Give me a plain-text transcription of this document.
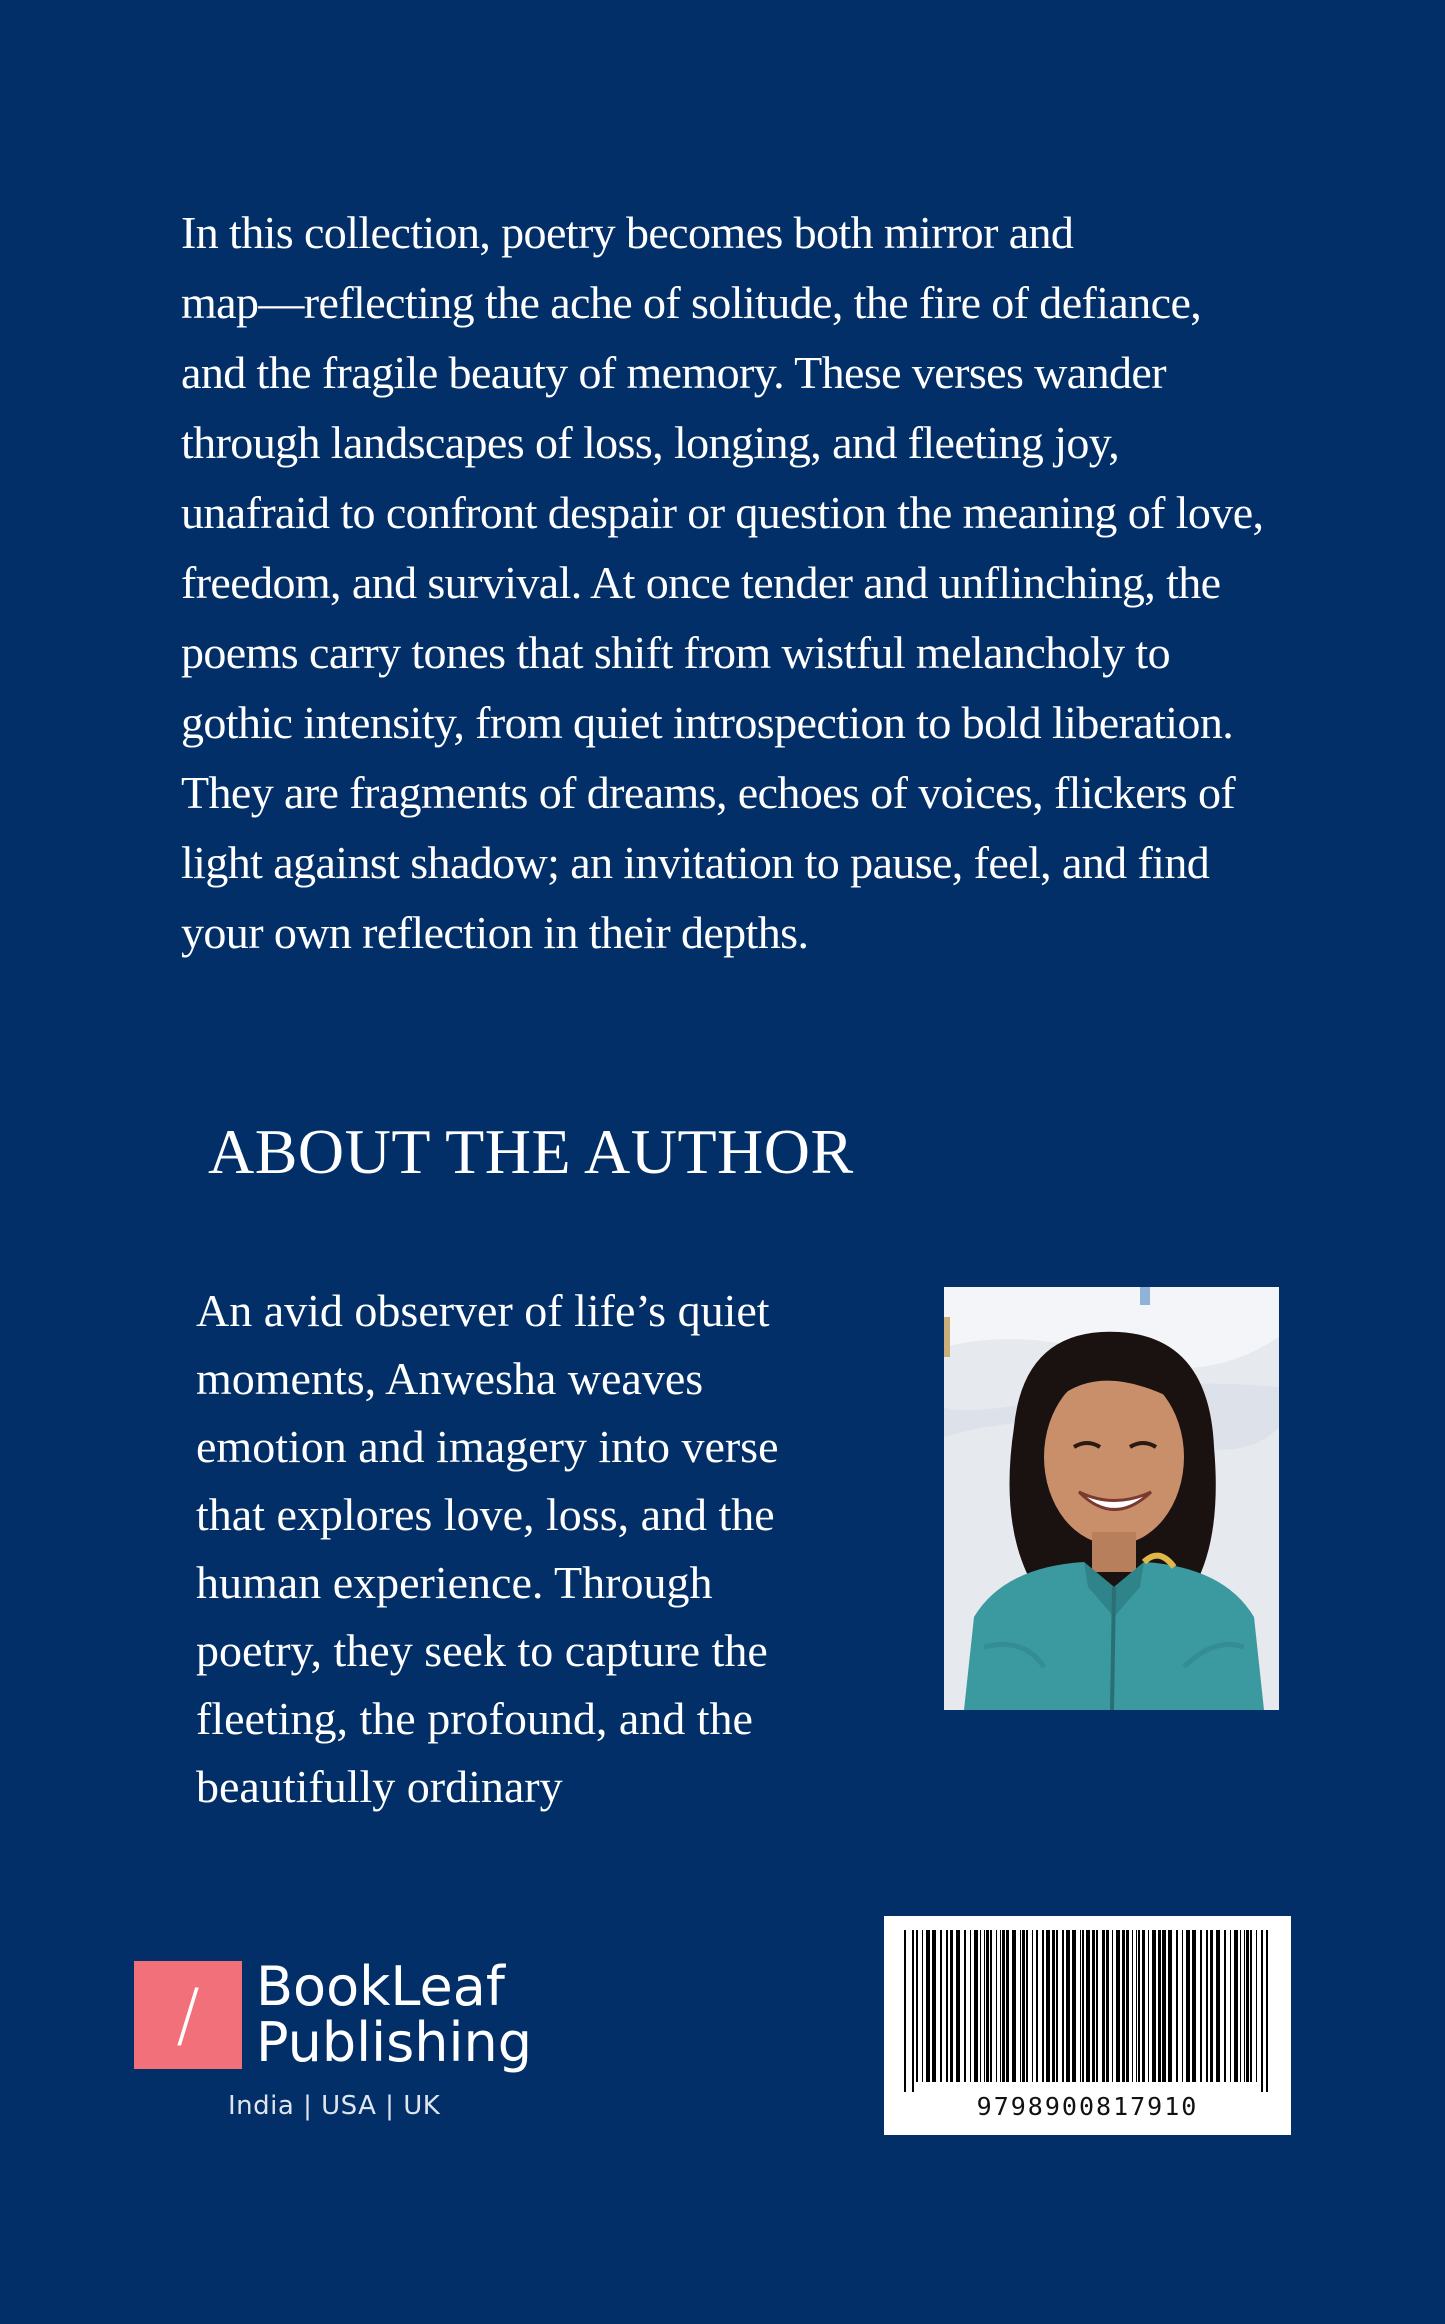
In this collection, poetry becomes both mirror and
map—reflecting the ache of solitude, the fire of defiance,
and the fragile beauty of memory. These verses wander
through landscapes of loss, longing, and fleeting joy,
unafraid to confront despair or question the meaning of love,
freedom, and survival. At once tender and unflinching, the
poems carry tones that shift from wistful melancholy to
gothic intensity, from quiet introspection to bold liberation.
They are fragments of dreams, echoes of voices, flickers of
light against shadow; an invitation to pause, feel, and find
your own reflection in their depths.
ABOUT THE AUTHOR
An avid observer of life’s quiet
moments, Anwesha weaves
emotion and imagery into verse
that explores love, loss, and the
human experience. Through
poetry, they seek to capture the
fleeting, the profound, and the
beautifully ordinary
/	BookLeaf
Publishing
India | USA | UK	9798900817910
